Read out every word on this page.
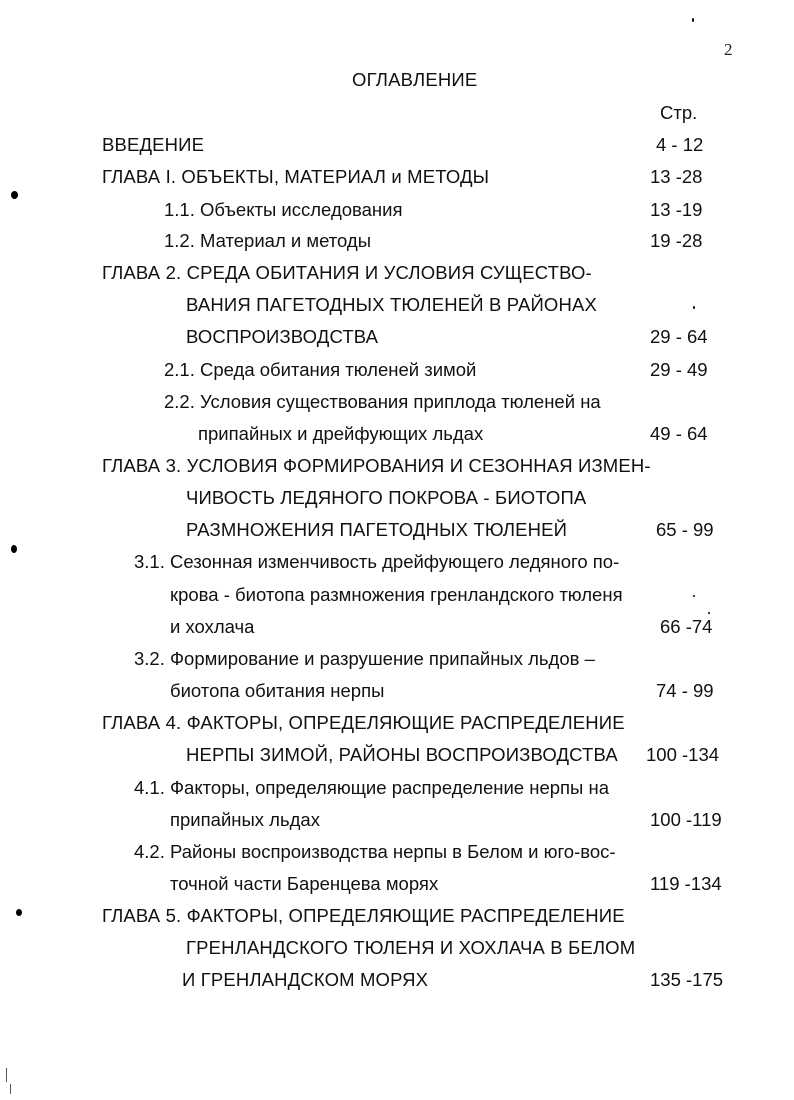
2
ОГЛАВЛЕНИЕ
Стр.
ВВЕДЕНИЕ	4 - 12
ГЛАВА I. ОБЪЕКТЫ, МАТЕРИАЛ и МЕТОДЫ	13 -28
1.1. Объекты исследования	13 -19
1.2. Материал и методы	19 -28
ГЛАВА 2. СРЕДА ОБИТАНИЯ И УСЛОВИЯ СУЩЕСТВО-
ВАНИЯ ПАГЕТОДНЫХ ТЮЛЕНЕЙ В РАЙОНАХ
ВОСПРОИЗВОДСТВА	29 - 64
2.1. Среда обитания тюленей зимой	29 - 49
2.2. Условия существования приплода тюленей на
припайных и дрейфующих льдах	49 - 64
ГЛАВА 3. УСЛОВИЯ ФОРМИРОВАНИЯ И СЕЗОННАЯ ИЗМЕН-
ЧИВОСТЬ ЛЕДЯНОГО ПОКРОВА - БИОТОПА
РАЗМНОЖЕНИЯ ПАГЕТОДНЫХ ТЮЛЕНЕЙ	65 - 99
3.1. Сезонная изменчивость дрейфующего ледяного по-
крова - биотопа размножения гренландского тюленя
и хохлача	66 -74
3.2. Формирование и разрушение припайных льдов –
биотопа обитания нерпы	74 - 99
ГЛАВА 4. ФАКТОРЫ, ОПРЕДЕЛЯЮЩИЕ РАСПРЕДЕЛЕНИЕ
НЕРПЫ ЗИМОЙ, РАЙОНЫ ВОСПРОИЗВОДСТВА 100 -134
4.1. Факторы, определяющие распределение нерпы на
припайных льдах	100 -119
4.2. Районы воспроизводства нерпы в Белом и юго-вос-
точной части Баренцева морях	119 -134
ГЛАВА 5. ФАКТОРЫ, ОПРЕДЕЛЯЮЩИЕ РАСПРЕДЕЛЕНИЕ
ГРЕНЛАНДСКОГО ТЮЛЕНЯ И ХОХЛАЧА В БЕЛОМ
И ГРЕНЛАНДСКОМ МОРЯХ	135 -175
